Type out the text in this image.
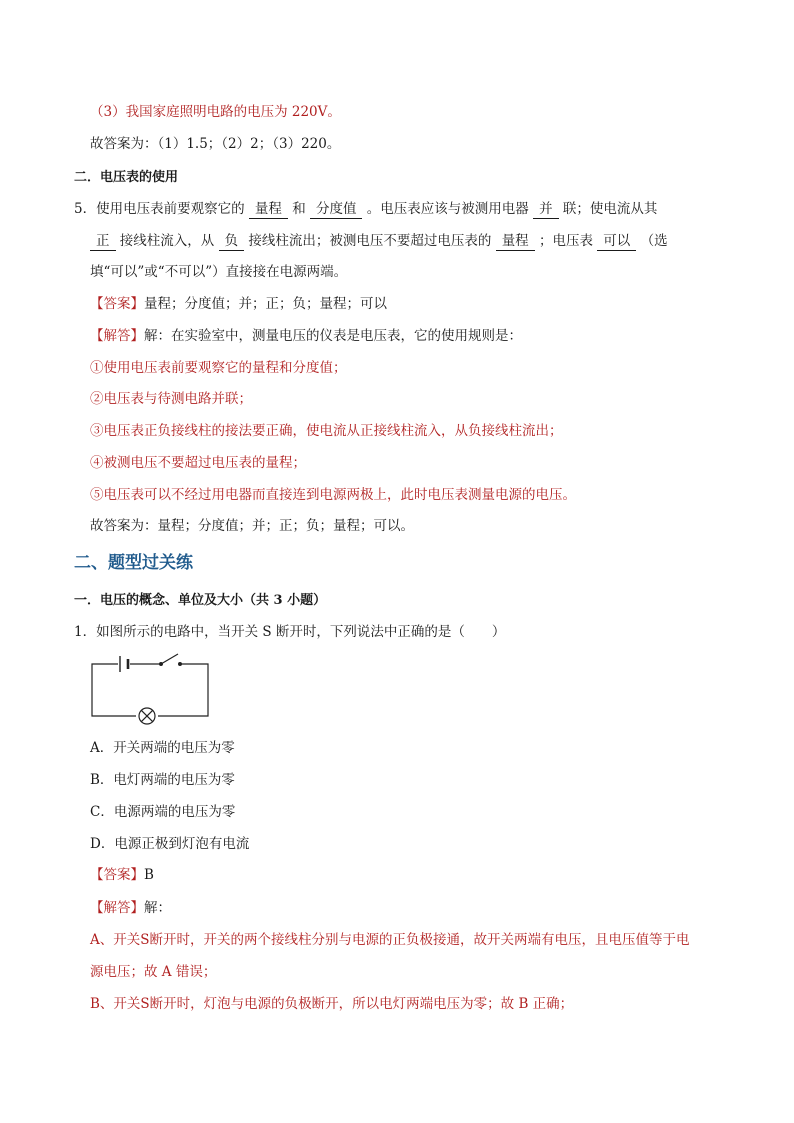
（3）我国家庭照明电路的电压为 220V。
故答案为：（1）1.5；（2）2；（3）220。
二．电压表的使用
5．使用电压表前要观察它的 量程 和 分度值 。电压表应该与被测用电器 并 联；使电流从其
正 接线柱流入，从 负 接线柱流出；被测电压不要超过电压表的 量程 ；电压表 可以 （选
填“可以”或“不可以”）直接接在电源两端。
【答案】量程；分度值；并；正；负；量程；可以
【解答】解：在实验室中，测量电压的仪表是电压表，它的使用规则是：
①使用电压表前要观察它的量程和分度值；
②电压表与待测电路并联；
③电压表正负接线柱的接法要正确，使电流从正接线柱流入，从负接线柱流出；
④被测电压不要超过电压表的量程；
⑤电压表可以不经过用电器而直接连到电源两极上，此时电压表测量电源的电压。
故答案为：量程；分度值；并；正；负；量程；可以。
二、题型过关练
一．电压的概念、单位及大小（共 3 小题）
1．如图所示的电路中，当开关 S 断开时，下列说法中正确的是（　　）
A．开关两端的电压为零
B．电灯两端的电压为零
C．电源两端的电压为零
D．电源正极到灯泡有电流
【答案】B
【解答】解：
A、开关S断开时，开关的两个接线柱分别与电源的正负极接通，故开关两端有电压，且电压值等于电
源电压；故 A 错误；
B、开关S断开时，灯泡与电源的负极断开，所以电灯两端电压为零；故 B 正确；
